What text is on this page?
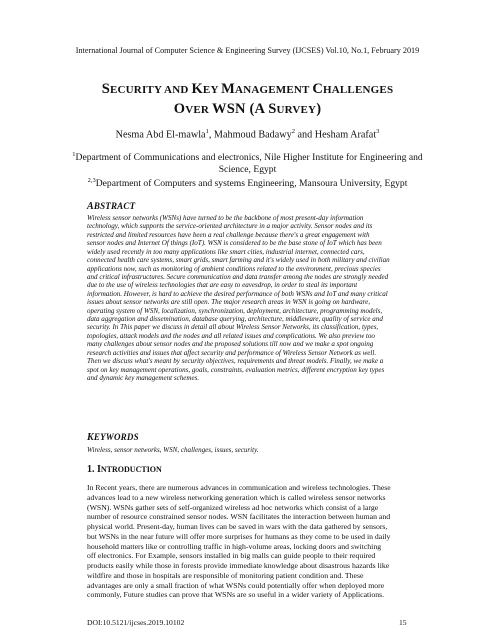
International Journal of Computer Science & Engineering Survey (IJCSES) Vol.10, No.1, February 2019
SECURITY AND KEY MANAGEMENT CHALLENGES
OVER WSN (A SURVEY)
Nesma Abd El-mawla$^1$, Mahmoud Badawy$^2$ and Hesham Arafat$^3$
$^1$Department of Communications and electronics, Nile Higher Institute for Engineering and Science, Egypt
$^{2,3}$Department of Computers and systems Engineering, Mansoura University, Egypt
ABSTRACT
Wireless sensor networks (WSNs) have turned to be the backbone of most present-day information
technology, which supports the service-oriented architecture in a major activity. Sensor nodes and its
restricted and limited resources have been a real challenge because there's a great engagement with
sensor nodes and Internet Of things (IoT). WSN is considered to be the base stone of IoT which has been
widely used recently in too many applications like smart cities, industrial internet, connected cars,
connected health care systems, smart grids, smart farming and it's widely used in both military and civilian
applications now, such as monitoring of ambient conditions related to the environment, precious species
and critical infrastructures. Secure communication and data transfer among the nodes are strongly needed
due to the use of wireless technologies that are easy to eavesdrop, in order to steal its important
information. However, is hard to achieve the desired performance of both WSNs and IoT and many critical
issues about sensor networks are still open. The major research areas in WSN is going on hardware,
operating system of WSN, localization, synchronization, deployment, architecture, programming models,
data aggregation and dissemination, database querying, architecture, middleware, quality of service and
security. In This paper we discuss in detail all about Wireless Sensor Networks, its classification, types,
topologies, attack models and the nodes and all related issues and complications. We also preview too
many challenges about sensor nodes and the proposed solutions till now and we make a spot ongoing
research activities and issues that affect security and performance of Wireless Sensor Network as well.
Then we discuss what's meant by security objectives, requirements and threat models. Finally, we make a
spot on key management operations, goals, constraints, evaluation metrics, different encryption key types
and dynamic key management schemes.
KEYWORDS
Wireless, sensor networks, WSN, challenges, issues, security.
1. INTRODUCTION
In Recent years, there are numerous advances in communication and wireless technologies. These
advances lead to a new wireless networking generation which is called wireless sensor networks
(WSN). WSNs gather sets of self-organized wireless ad hoc networks which consist of a large
number of resource constrained sensor nodes. WSN facilitates the interaction between human and
physical world. Present-day, human lives can be saved in wars with the data gathered by sensors,
but WSNs in the near future will offer more surprises for humans as they come to be used in daily
household matters like or controlling traffic in high-volume areas, locking doors and switching
off electronics. For Example, sensors installed in big malls can guide people to their required
products easily while those in forests provide immediate knowledge about disastrous hazards like
wildfire and those in hospitals are responsible of monitoring patient condition and. These
advantages are only a small fraction of what WSNs could potentially offer when deployed more
commonly, Future studies can prove that WSNs are so useful in a wider variety of Applications.
DOI:10.5121/ijcses.2019.10102	15
